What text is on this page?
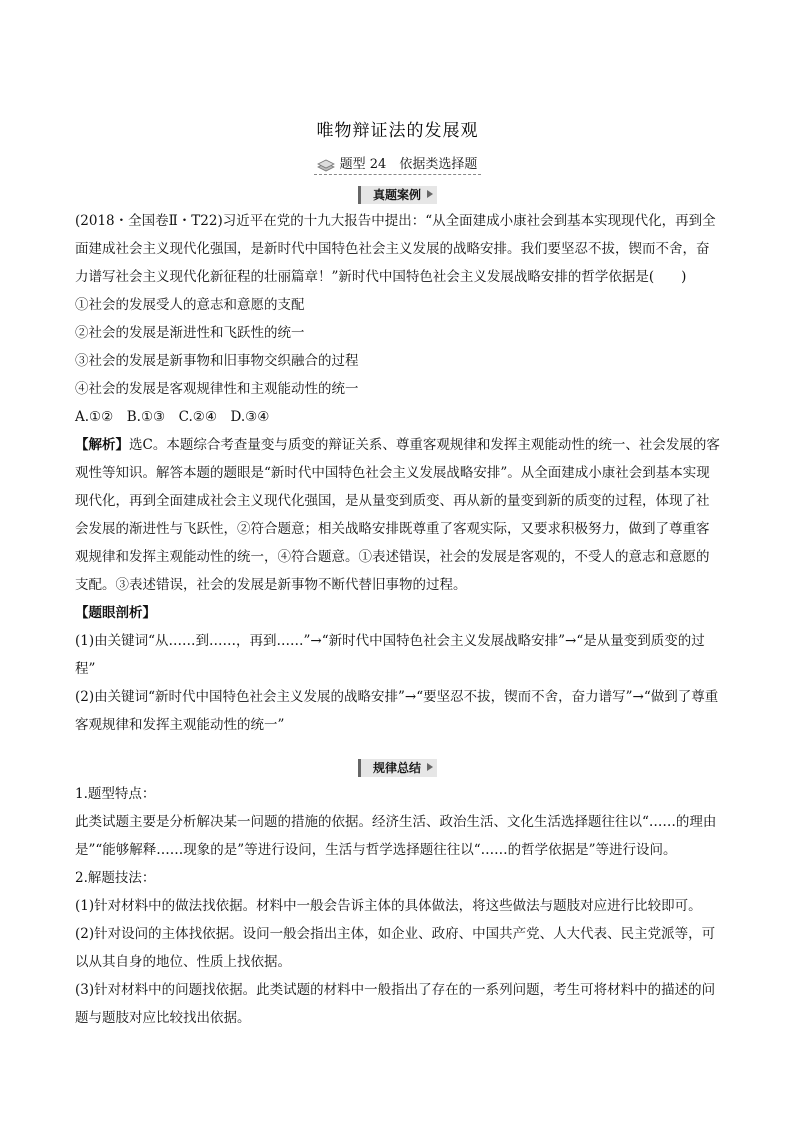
唯物辩证法的发展观
题型 24　依据类选择题
真题案例

(2018・全国卷Ⅱ・T22)习近平在党的十九大报告中提出：“从全面建成小康社会到基本实现现代化，再到全面建成社会主义现代化强国，是新时代中国特色社会主义发展的战略安排。我们要坚忍不拔，锲而不舍，奋力谱写社会主义现代化新征程的壮丽篇章！”新时代中国特色社会主义发展战略安排的哲学依据是(　　)

①社会的发展受人的意志和意愿的支配

②社会的发展是渐进性和飞跃性的统一

③社会的发展是新事物和旧事物交织融合的过程

④社会的发展是客观规律性和主观能动性的统一

A.①②　B.①③　C.②④　D.③④

【解析】选C。本题综合考查量变与质变的辩证关系、尊重客观规律和发挥主观能动性的统一、社会发展的客观性等知识。解答本题的题眼是“新时代中国特色社会主义发展战略安排”。从全面建成小康社会到基本实现现代化，再到全面建成社会主义现代化强国，是从量变到质变、再从新的量变到新的质变的过程，体现了社会发展的渐进性与飞跃性，②符合题意；相关战略安排既尊重了客观实际，又要求积极努力，做到了尊重客观规律和发挥主观能动性的统一，④符合题意。①表述错误，社会的发展是客观的，不受人的意志和意愿的支配。③表述错误，社会的发展是新事物不断代替旧事物的过程。

【题眼剖析】

(1)由关键词“从……到……，再到……”→“新时代中国特色社会主义发展战略安排”→“是从量变到质变的过程”

(2)由关键词“新时代中国特色社会主义发展的战略安排”→“要坚忍不拔，锲而不舍，奋力谱写”→“做到了尊重客观规律和发挥主观能动性的统一”

规律总结

1.题型特点：

此类试题主要是分析解决某一问题的措施的依据。经济生活、政治生活、文化生活选择题往往以“……的理由是”“能够解释……现象的是”等进行设问，生活与哲学选择题往往以“……的哲学依据是”等进行设问。

2.解题技法：

(1)针对材料中的做法找依据。材料中一般会告诉主体的具体做法，将这些做法与题肢对应进行比较即可。

(2)针对设问的主体找依据。设问一般会指出主体，如企业、政府、中国共产党、人大代表、民主党派等，可以从其自身的地位、性质上找依据。

(3)针对材料中的问题找依据。此类试题的材料中一般指出了存在的一系列问题，考生可将材料中的描述的问题与题肢对应比较找出依据。
